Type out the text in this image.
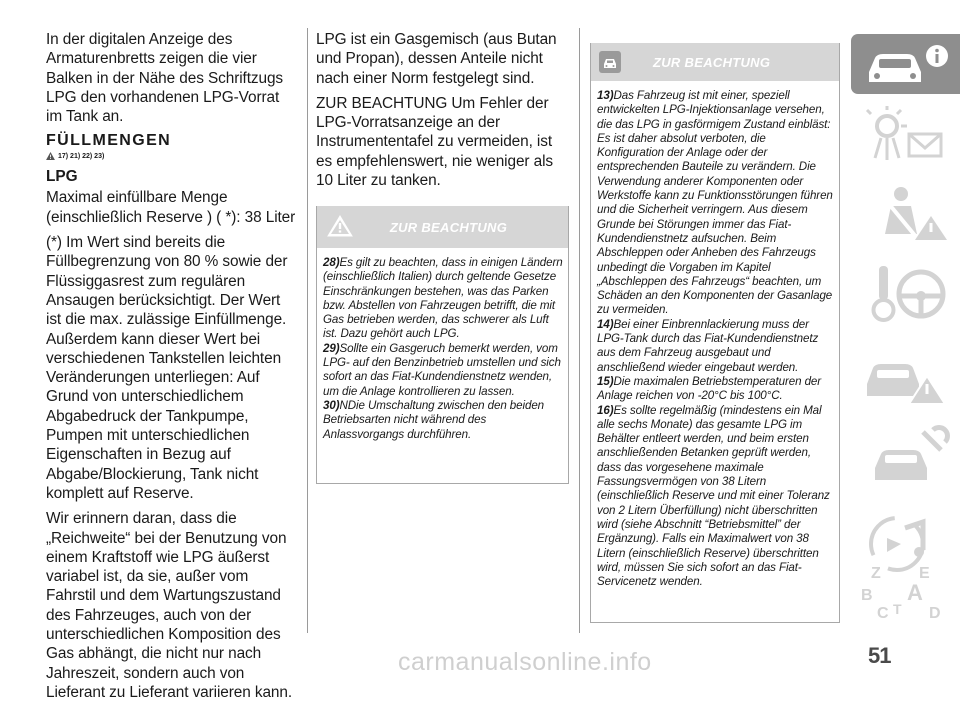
In der digitalen Anzeige des Armaturenbretts zeigen die vier Balken in der Nähe des Schriftzugs LPG den vorhandenen LPG-Vorrat im Tank an.

FÜLLMENGEN
17) 21) 22) 23)
LPG

Maximal einfüllbare Menge (einschließlich Reserve ) ( *): 38 Liter

(*) Im Wert sind bereits die Füllbegrenzung von 80 % sowie der Flüssiggasrest zum regulären Ansaugen berücksichtigt. Der Wert ist die max. zulässige Einfüllmenge. Außerdem kann dieser Wert bei verschiedenen Tankstellen leichten Veränderungen unterliegen: Auf Grund von unterschiedlichem Abgabedruck der Tankpumpe, Pumpen mit unterschiedlichen Eigenschaften in Bezug auf Abgabe/Blockierung, Tank nicht komplett auf Reserve.

Wir erinnern daran, dass die „Reichweite“ bei der Benutzung von einem Kraftstoff wie LPG äußerst variabel ist, da sie, außer vom Fahrstil und dem Wartungszustand des Fahrzeuges, auch von der unterschiedlichen Komposition des Gas abhängt, die nicht nur nach Jahreszeit, sondern auch von Lieferant zu Lieferant variieren kann.

LPG ist ein Gasgemisch (aus Butan und Propan), dessen Anteile nicht nach einer Norm festgelegt sind.

ZUR BEACHTUNG Um Fehler der LPG-Vorratsanzeige an der Instrumententafel zu vermeiden, ist es empfehlenswert, nie weniger als 10 Liter zu tanken.

ZUR BEACHTUNG

28)Es gilt zu beachten, dass in einigen Ländern (einschließlich Italien) durch geltende Gesetze Einschränkungen bestehen, was das Parken bzw. Abstellen von Fahrzeugen betrifft, die mit Gas betrieben werden, das schwerer als Luft ist. Dazu gehört auch LPG.

29)Sollte ein Gasgeruch bemerkt werden, vom LPG- auf den Benzinbetrieb umstellen und sich sofort an das Fiat-Kundendienstnetz wenden, um die Anlage kontrollieren zu lassen.

30)NDie Umschaltung zwischen den beiden Betriebsarten nicht während des Anlassvorgangs durchführen.

ZUR BEACHTUNG

13)Das Fahrzeug ist mit einer, speziell entwickelten LPG-Injektionsanlage versehen, die das LPG in gasförmigem Zustand einbläst: Es ist daher absolut verboten, die Konfiguration der Anlage oder der entsprechenden Bauteile zu verändern. Die Verwendung anderer Komponenten oder Werkstoffe kann zu Funktionsstörungen führen und die Sicherheit verringern. Aus diesem Grunde bei Störungen immer das Fiat-Kundendienstnetz aufsuchen. Beim Abschleppen oder Anheben des Fahrzeugs unbedingt die Vorgaben im Kapitel „Abschleppen des Fahrzeugs“ beachten, um Schäden an den Komponenten der Gasanlage zu vermeiden.

14)Bei einer Einbrennlackierung muss der LPG-Tank durch das Fiat-Kundendienstnetz aus dem Fahrzeug ausgebaut und anschließend wieder eingebaut werden.

15)Die maximalen Betriebstemperaturen der Anlage reichen von -20°C bis 100°C.

16)Es sollte regelmäßig (mindestens ein Mal alle sechs Monate) das gesamte LPG im Behälter entleert werden, und beim ersten anschließenden Betanken geprüft werden, dass das vorgesehene maximale Fassungsvermögen von 38 Litern (einschließlich Reserve und mit einer Toleranz von 2 Litern Überfüllung) nicht überschritten wird (siehe Abschnitt “Betriebsmittel” der Ergänzung). Falls ein Maximalwert von 38 Litern (einschließlich Reserve) überschritten wird, müssen Sie sich sofort an das Fiat-Servicenetz wenden.	Z E
B A
C T D
51
carmanualsonline.info
